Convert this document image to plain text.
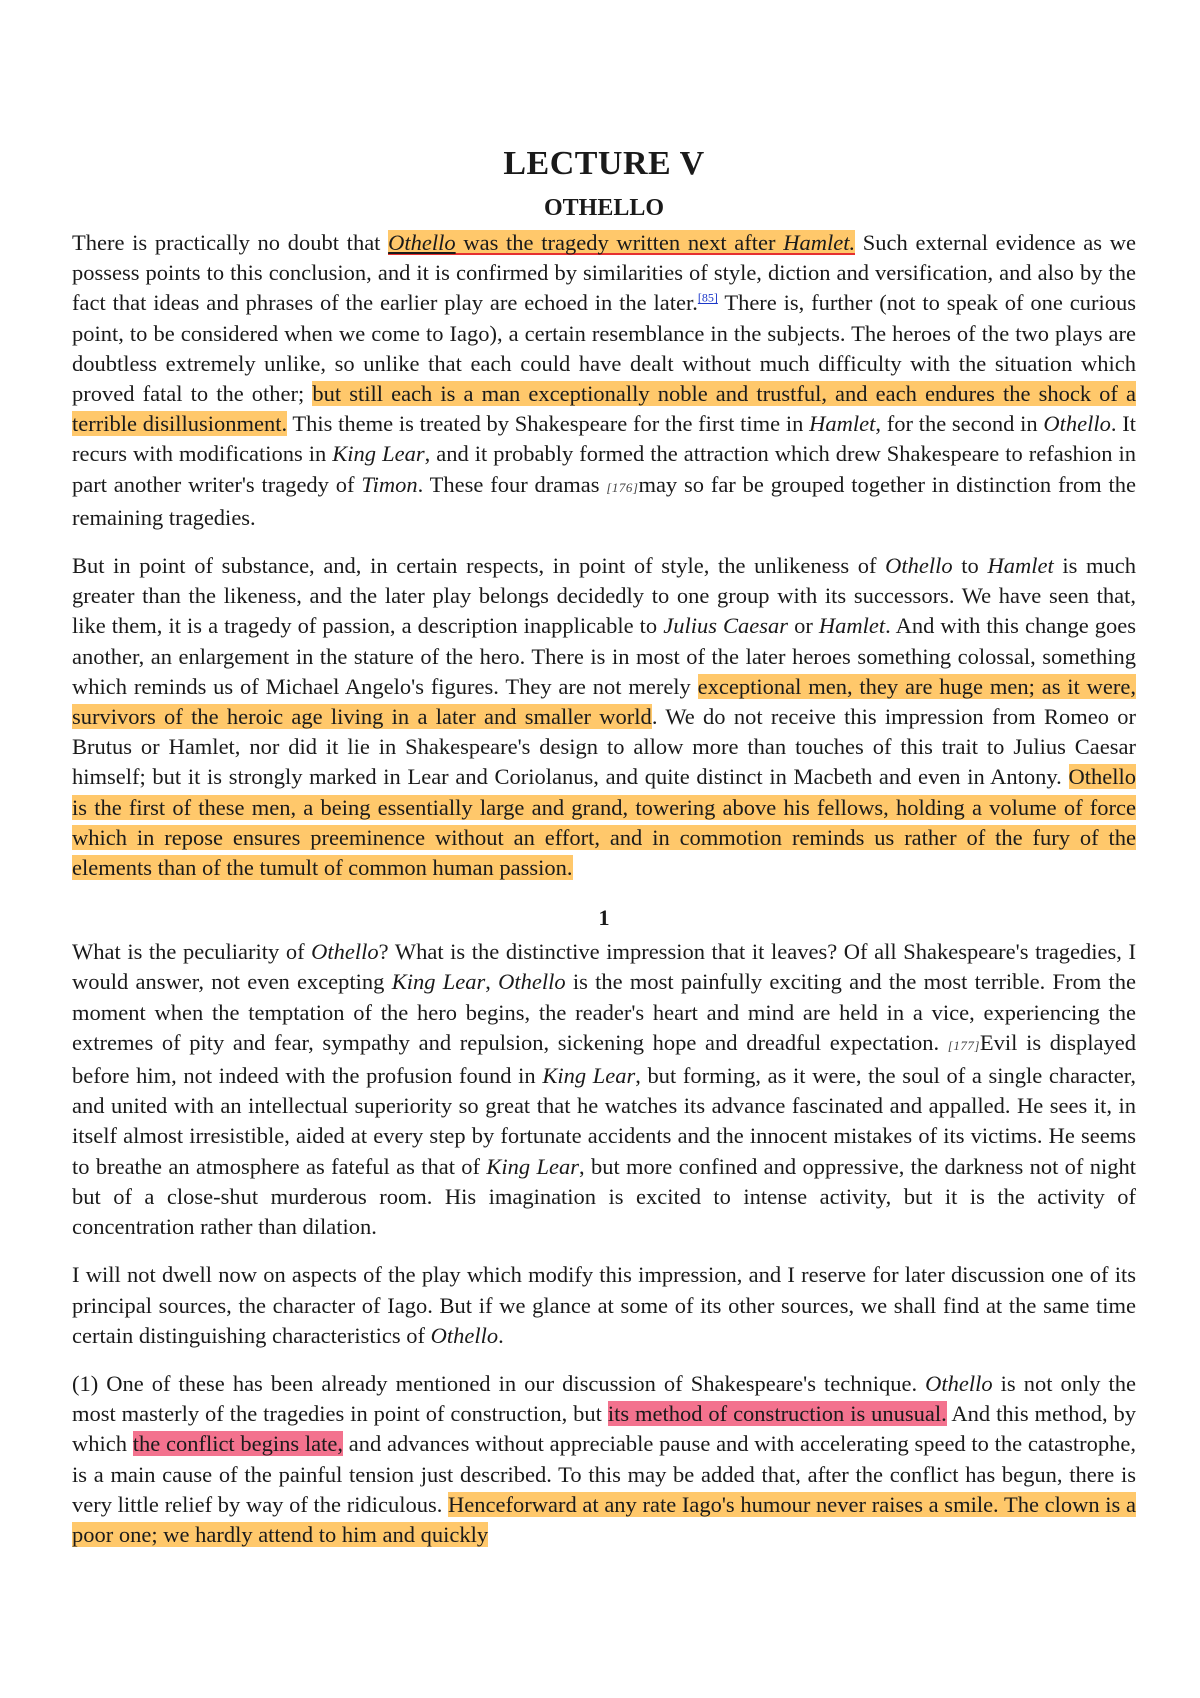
LECTURE V
OTHELLO

There is practically no doubt that Othello was the tragedy written next after Hamlet. Such external evidence as we possess points to this conclusion, and it is confirmed by similarities of style, diction and versification, and also by the fact that ideas and phrases of the earlier play are echoed in the later.[85] There is, further (not to speak of one curious point, to be considered when we come to Iago), a certain resemblance in the subjects. The heroes of the two plays are doubtless extremely unlike, so unlike that each could have dealt without much difficulty with the situation which proved fatal to the other; but still each is a man exceptionally noble and trustful, and each endures the shock of a terrible disillusionment. This theme is treated by Shakespeare for the first time in Hamlet, for the second in Othello. It recurs with modifications in King Lear, and it probably formed the attraction which drew Shakespeare to refashion in part another writer's tragedy of Timon. These four dramas [176]may so far be grouped together in distinction from the remaining tragedies.

But in point of substance, and, in certain respects, in point of style, the unlikeness of Othello to Hamlet is much greater than the likeness, and the later play belongs decidedly to one group with its successors. We have seen that, like them, it is a tragedy of passion, a description inapplicable to Julius Caesar or Hamlet. And with this change goes another, an enlargement in the stature of the hero. There is in most of the later heroes something colossal, something which reminds us of Michael Angelo's figures. They are not merely exceptional men, they are huge men; as it were, survivors of the heroic age living in a later and smaller world. We do not receive this impression from Romeo or Brutus or Hamlet, nor did it lie in Shakespeare's design to allow more than touches of this trait to Julius Caesar himself; but it is strongly marked in Lear and Coriolanus, and quite distinct in Macbeth and even in Antony. Othello is the first of these men, a being essentially large and grand, towering above his fellows, holding a volume of force which in repose ensures preeminence without an effort, and in commotion reminds us rather of the fury of the elements than of the tumult of common human passion.

1

What is the peculiarity of Othello? What is the distinctive impression that it leaves? Of all Shakespeare's tragedies, I would answer, not even excepting King Lear, Othello is the most painfully exciting and the most terrible. From the moment when the temptation of the hero begins, the reader's heart and mind are held in a vice, experiencing the extremes of pity and fear, sympathy and repulsion, sickening hope and dreadful expectation. [177]Evil is displayed before him, not indeed with the profusion found in King Lear, but forming, as it were, the soul of a single character, and united with an intellectual superiority so great that he watches its advance fascinated and appalled. He sees it, in itself almost irresistible, aided at every step by fortunate accidents and the innocent mistakes of its victims. He seems to breathe an atmosphere as fateful as that of King Lear, but more confined and oppressive, the darkness not of night but of a close-shut murderous room. His imagination is excited to intense activity, but it is the activity of concentration rather than dilation.

I will not dwell now on aspects of the play which modify this impression, and I reserve for later discussion one of its principal sources, the character of Iago. But if we glance at some of its other sources, we shall find at the same time certain distinguishing characteristics of Othello.

(1) One of these has been already mentioned in our discussion of Shakespeare's technique. Othello is not only the most masterly of the tragedies in point of construction, but its method of construction is unusual. And this method, by which the conflict begins late, and advances without appreciable pause and with accelerating speed to the catastrophe, is a main cause of the painful tension just described. To this may be added that, after the conflict has begun, there is very little relief by way of the ridiculous. Henceforward at any rate Iago's humour never raises a smile. The clown is a poor one; we hardly attend to him and quickly
